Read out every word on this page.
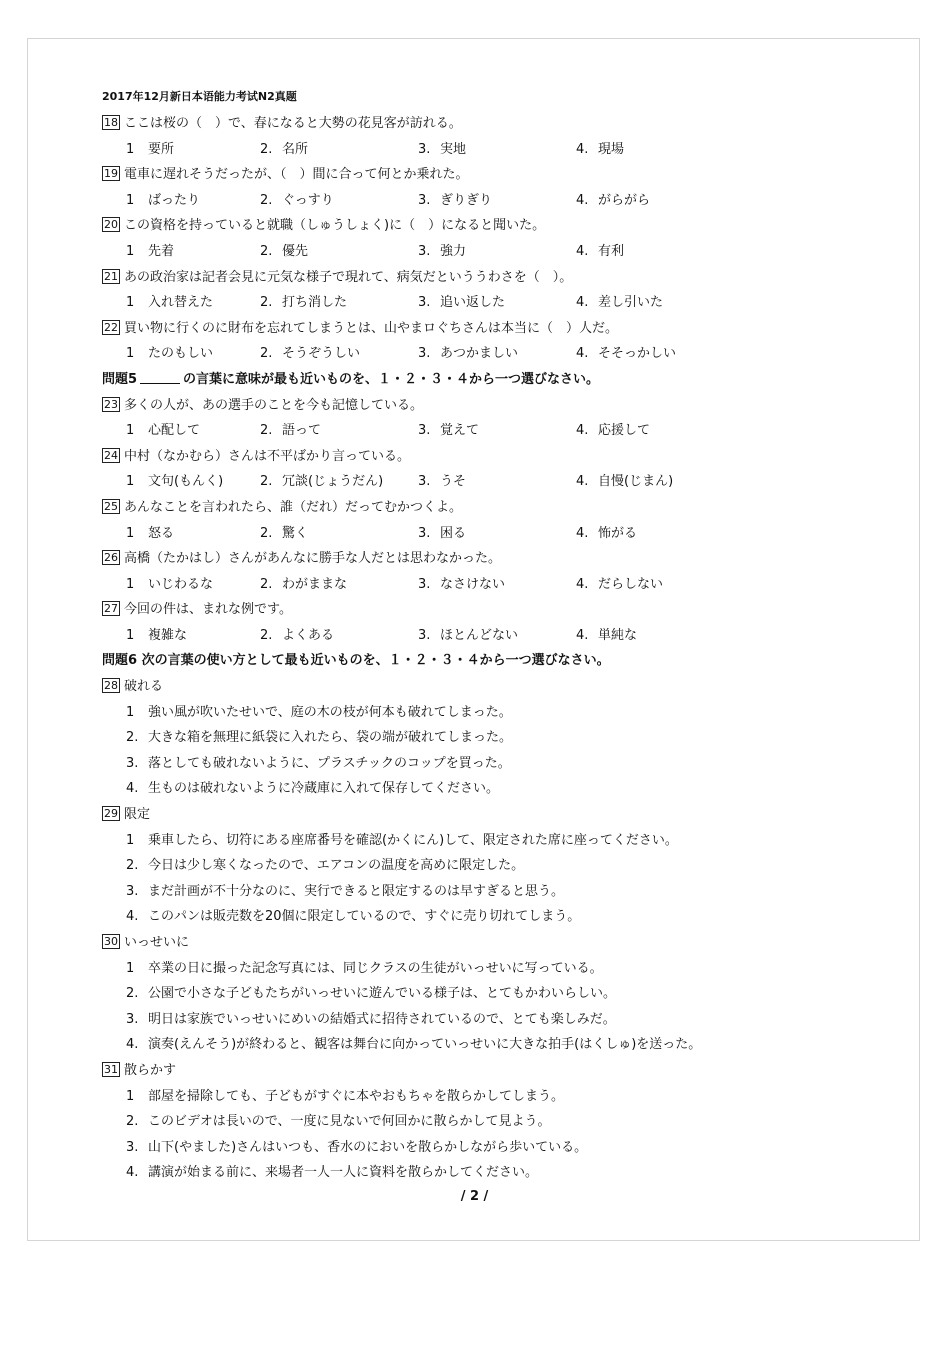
2017年12月新日本语能力考试N2真题
18 ここは桜の（　）で、春になると大勢の花見客が訪れる。
1 要所	2. 名所	3. 実地	4. 現場
19 電車に遅れそうだったが、（　）間に合って何とか乗れた。
1 ばったり	2. ぐっすり	3. ぎりぎり	4. がらがら
20 この資格を持っていると就職（しゅうしょく)に（　）になると聞いた。
1 先着	2. 優先	3. 強力	4. 有利
21 あの政治家は記者会見に元気な様子で現れて、病気だといううわさを（　）。
1 入れ替えた	2. 打ち消した	3. 追い返した	4. 差し引いた
22 買い物に行くのに財布を忘れてしまうとは、山やまロぐちさんは本当に（　）人だ。
1 たのもしい	2. そうぞうしい	3. あつかましい	4. そそっかしい
問題5	の言葉に意味が最も近いものを、１・２・３・４から一つ選びなさい。
23 多くの人が、あの選手のことを今も記憶している。
1 心配して	2. 語って	3. 覚えて	4. 応援して
24 中村（なかむら）さんは不平ばかり言っている。
1 文句(もんく)	2. 冗談(じょうだん)	3. うそ	4. 自慢(じまん)
25 あんなことを言われたら、誰（だれ）だってむかつくよ。
1 怒る	2. 驚く	3. 困る	4. 怖がる
26 高橋（たかはし）さんがあんなに勝手な人だとは思わなかった。
1 いじわるな	2. わがままな	3. なさけない	4. だらしない
27 今回の件は、まれな例です。
1 複雑な	2. よくある	3. ほとんどない	4. 単純な
問題6 次の言葉の使い方として最も近いものを、１・２・３・４から一つ選びなさい。
28 破れる
1 強い風が吹いたせいで、庭の木の枝が何本も破れてしまった。
2. 大きな箱を無理に紙袋に入れたら、袋の端が破れてしまった。
3. 落としても破れないように、プラスチックのコップを買った。
4. 生ものは破れないように冷蔵庫に入れて保存してください。
29 限定
1 乗車したら、切符にある座席番号を確認(かくにん)して、限定された席に座ってください。
2. 今日は少し寒くなったので、エアコンの温度を高めに限定した。
3. まだ計画が不十分なのに、実行できると限定するのは早すぎると思う。
4. このパンは販売数を20個に限定しているので、すぐに売り切れてしまう。
30 いっせいに
1 卒業の日に撮った記念写真には、同じクラスの生徒がいっせいに写っている。
2. 公園で小さな子どもたちがいっせいに遊んでいる様子は、とてもかわいらしい。
3. 明日は家族でいっせいにめいの結婚式に招待されているので、とても楽しみだ。
4. 演奏(えんそう)が終わると、観客は舞台に向かっていっせいに大きな拍手(はくしゅ)を送った。
31 散らかす
1 部屋を掃除しても、子どもがすぐに本やおもちゃを散らかしてしまう。
2. このビデオは長いので、一度に見ないで何回かに散らかして見よう。
3. 山下(やました)さんはいつも、香水のにおいを散らかしながら歩いている。
4. 講演が始まる前に、来場者一人一人に資料を散らかしてください。
/ 2 /
